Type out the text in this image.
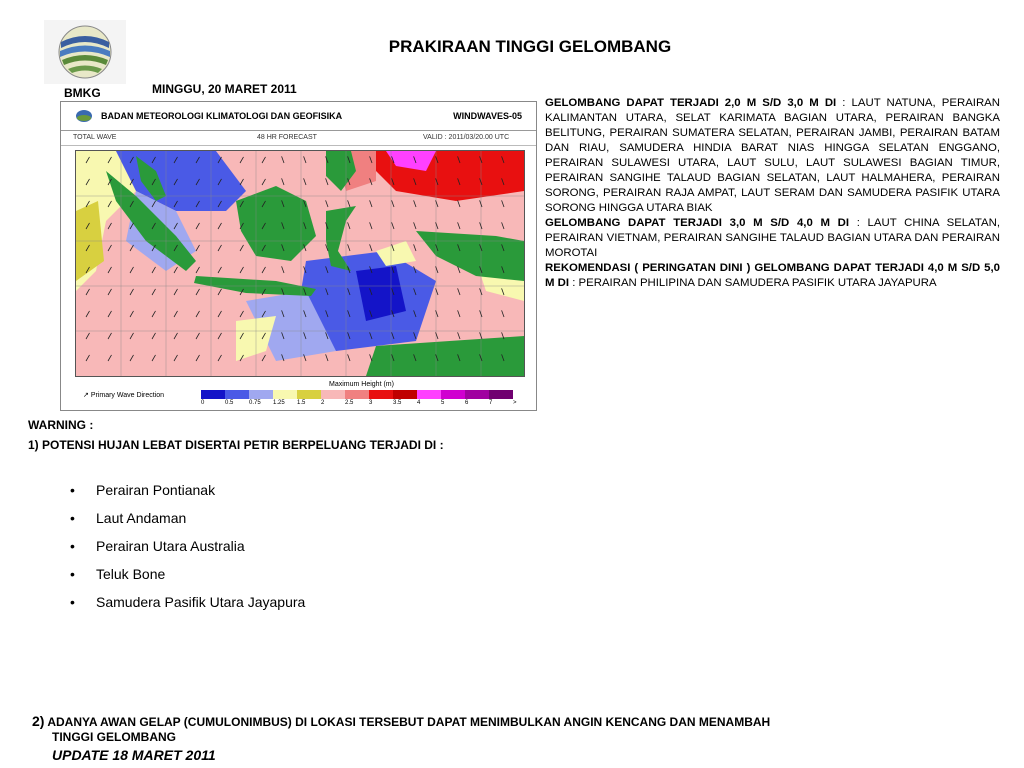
BMKG
PRAKIRAAN TINGGI GELOMBANG
MINGGU, 20 MARET 2011
BADAN METEOROLOGI KLIMATOLOGI DAN GEOFISIKA	WINDWAVES-05
TOTAL WAVE	48 HR FORECAST	VALID : 2011/03/20.00 UTC
↗ Primary Wave Direction
Maximum Height (m)
0	0.5	0.75 1.25 1.5	2	2.5	3	3.5	4	5	6	7	>

GELOMBANG DAPAT TERJADI 2,0 M S/D 3,0 M DI : LAUT NATUNA, PERAIRAN KALIMANTAN UTARA, SELAT KARIMATA BAGIAN UTARA, PERAIRAN BANGKA BELITUNG, PERAIRAN SUMATERA SELATAN, PERAIRAN JAMBI, PERAIRAN BATAM DAN RIAU, SAMUDERA HINDIA BARAT NIAS HINGGA SELATAN ENGGANO, PERAIRAN SULAWESI UTARA, LAUT SULU, LAUT SULAWESI BAGIAN TIMUR, PERAIRAN SANGIHE TALAUD BAGIAN SELATAN, LAUT HALMAHERA, PERAIRAN SORONG, PERAIRAN RAJA AMPAT, LAUT SERAM DAN SAMUDERA PASIFIK UTARA SORONG HINGGA UTARA BIAK

GELOMBANG DAPAT TERJADI 3,0 M S/D 4,0 M DI : LAUT CHINA SELATAN, PERAIRAN VIETNAM, PERAIRAN SANGIHE TALAUD BAGIAN UTARA DAN PERAIRAN MOROTAI

REKOMENDASI ( PERINGATAN DINI ) GELOMBANG DAPAT TERJADI 4,0 M S/D 5,0 M DI : PERAIRAN PHILIPINA DAN SAMUDERA PASIFIK UTARA JAYAPURA

WARNING :
1) POTENSI HUJAN LEBAT DISERTAI PETIR BERPELUANG TERJADI DI :
•	Perairan Pontianak
•	Laut Andaman
•	Perairan Utara Australia
•	Teluk Bone
•	Samudera Pasifik Utara Jayapura
2) ADANYA AWAN GELAP (CUMULONIMBUS) DI LOKASI TERSEBUT DAPAT MENIMBULKAN ANGIN KENCANG DAN MENAMBAH
TINGGI GELOMBANG
UPDATE 18 MARET 2011
